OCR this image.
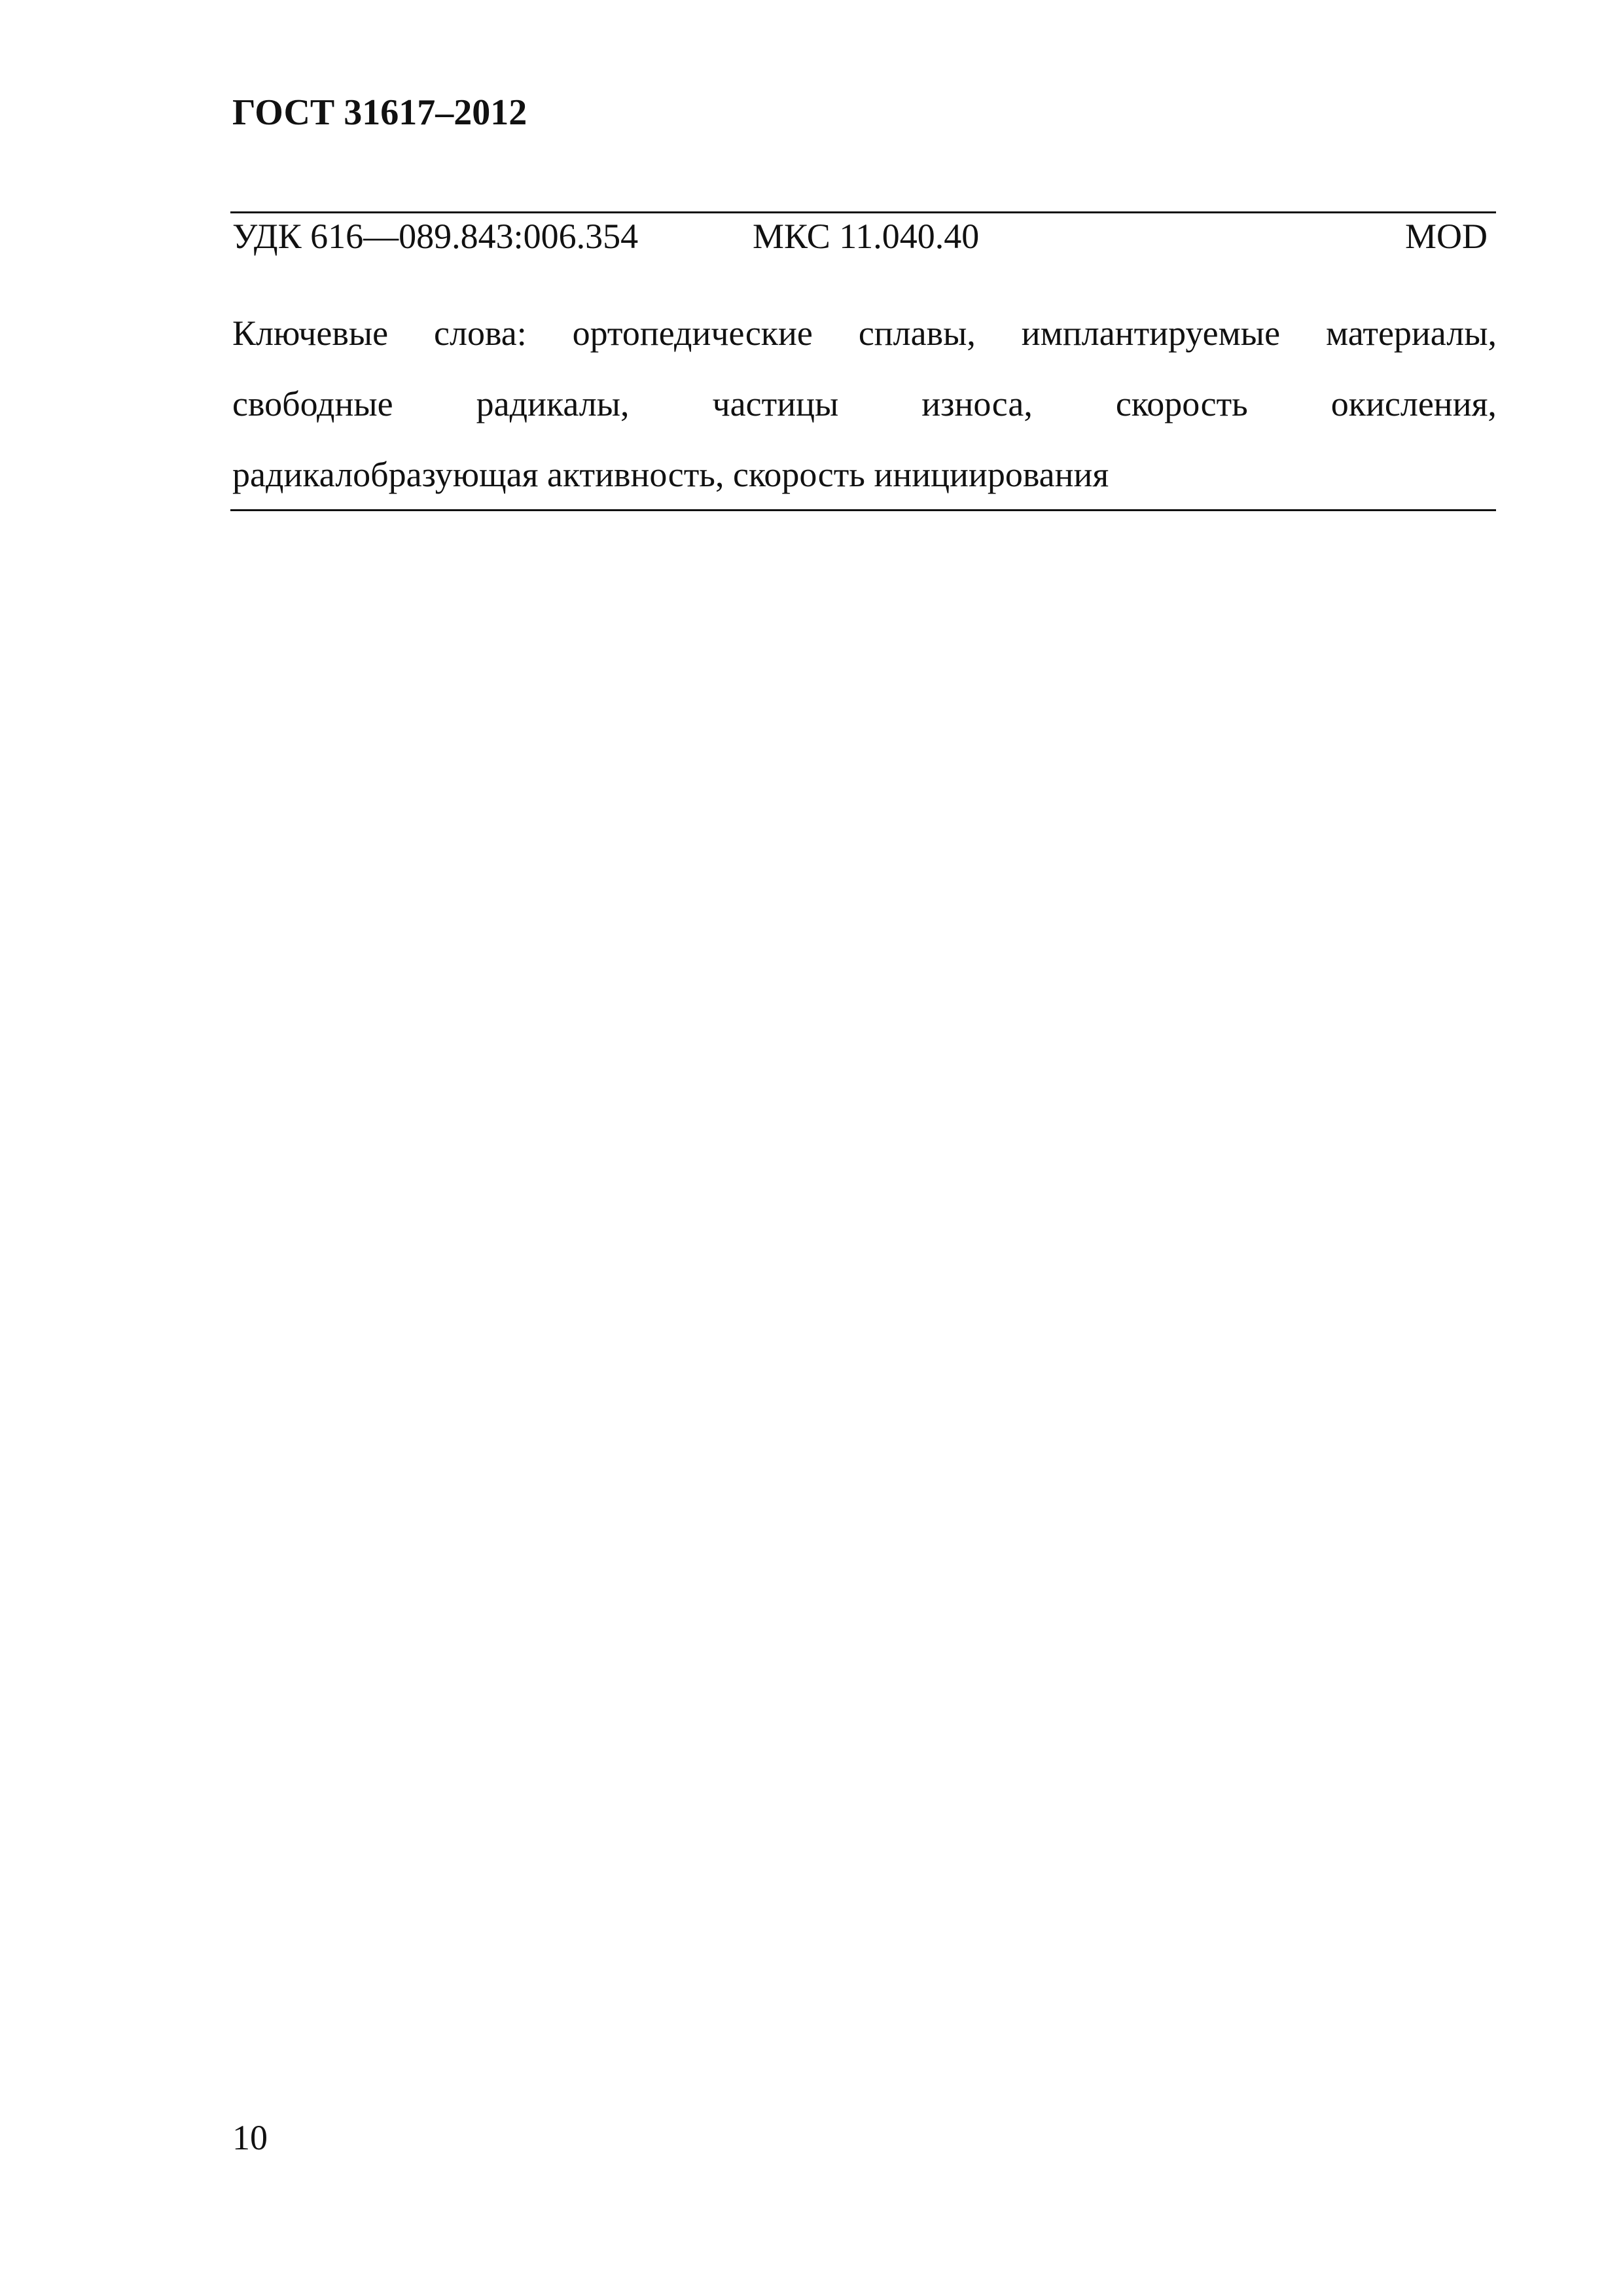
ГОСТ 31617–2012
УДК 616—089.843:006.354	МКС 11.040.40	MOD
Ключевые слова: ортопедические сплавы, имплантируемые материалы,
свободные радикалы, частицы износа, скорость окисления,
радикалобразующая активность, скорость инициирования
10
